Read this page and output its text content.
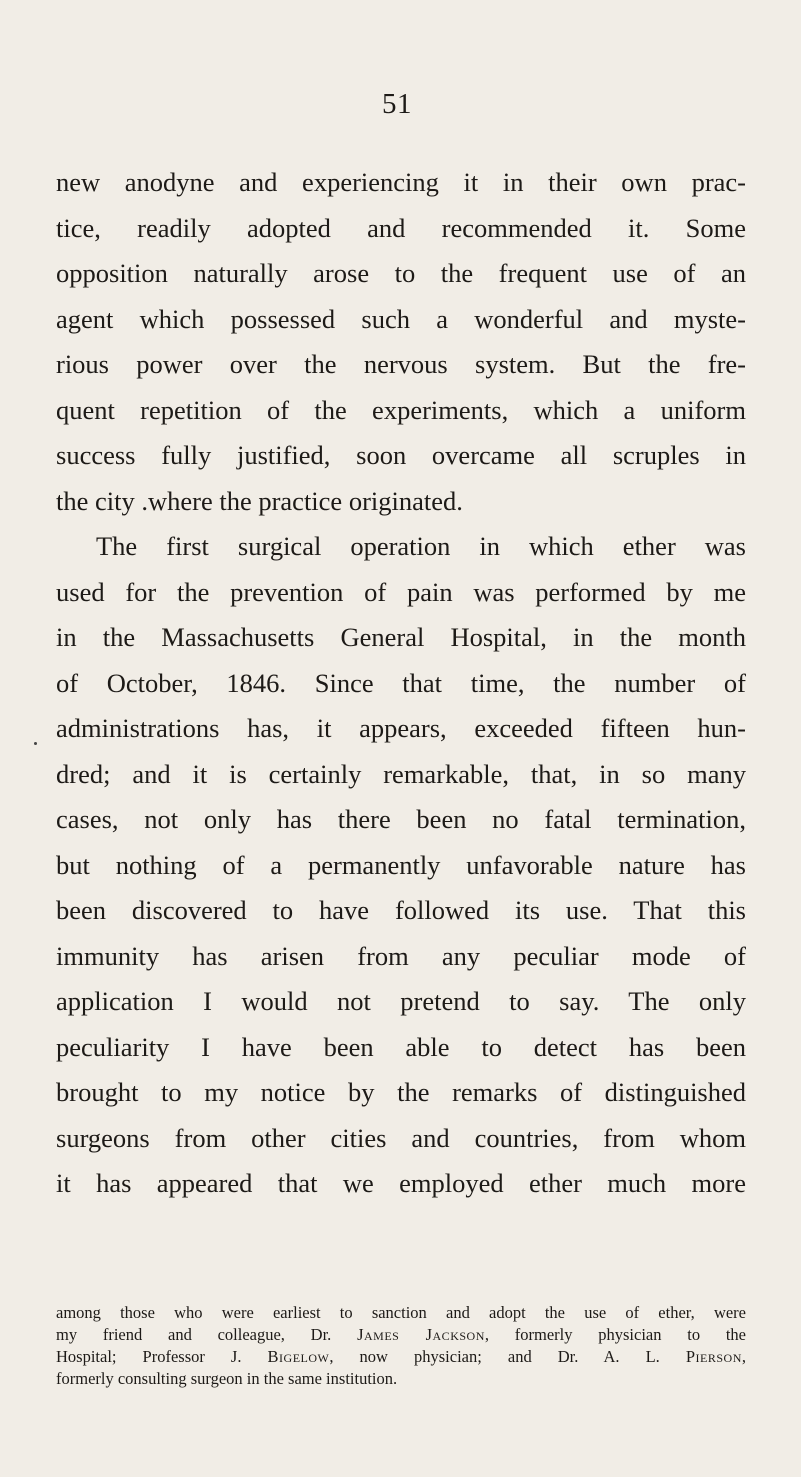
51
new anodyne and experiencing it in their own prac-
tice, readily adopted and recommended it. Some
opposition naturally arose to the frequent use of an
agent which possessed such a wonderful and myste-
rious power over the nervous system. But the fre-
quent repetition of the experiments, which a uniform
success fully justified, soon overcame all scruples in
the city .where the practice originated.
The first surgical operation in which ether was
used for the prevention of pain was performed by me
in the Massachusetts General Hospital, in the month
of October, 1846. Since that time, the number of
administrations has, it appears, exceeded fifteen hun-
dred; and it is certainly remarkable, that, in so many
cases, not only has there been no fatal termination,
but nothing of a permanently unfavorable nature has
been discovered to have followed its use. That this
immunity has arisen from any peculiar mode of
application I would not pretend to say. The only
peculiarity I have been able to detect has been
brought to my notice by the remarks of distinguished
surgeons from other cities and countries, from whom
it has appeared that we employed ether much more
among those who were earliest to sanction and adopt the use of ether, were
my friend and colleague, Dr. James Jackson, formerly physician to the
Hospital; Professor J. Bigelow, now physician; and Dr. A. L. Pierson,
formerly consulting surgeon in the same institution.
